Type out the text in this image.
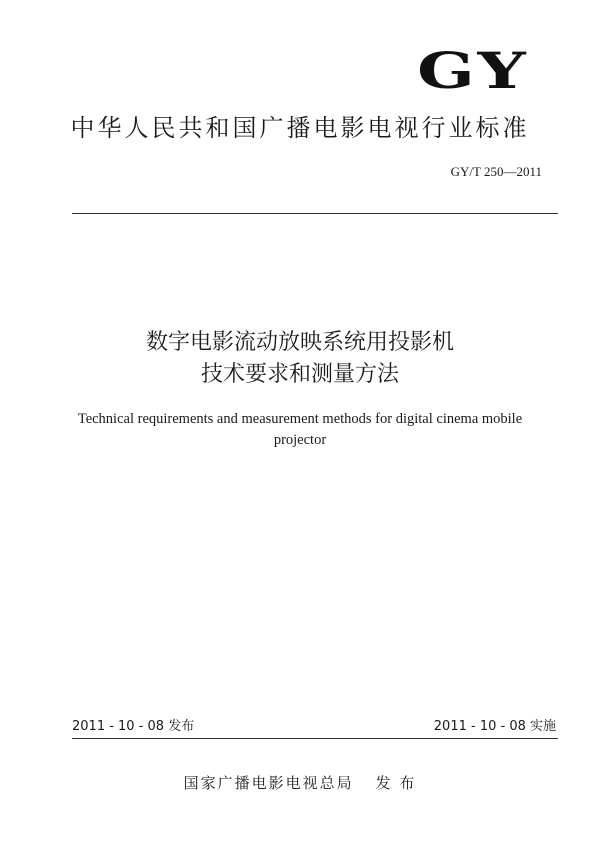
GY
中华人民共和国广播电影电视行业标准
GY/T 250—2011
数字电影流动放映系统用投影机
技术要求和测量方法
Technical requirements and measurement methods for digital cinema mobile
projector
2011 - 10 - 08 发布	2011 - 10 - 08 实施
国家广播电影电视总局 发 布
